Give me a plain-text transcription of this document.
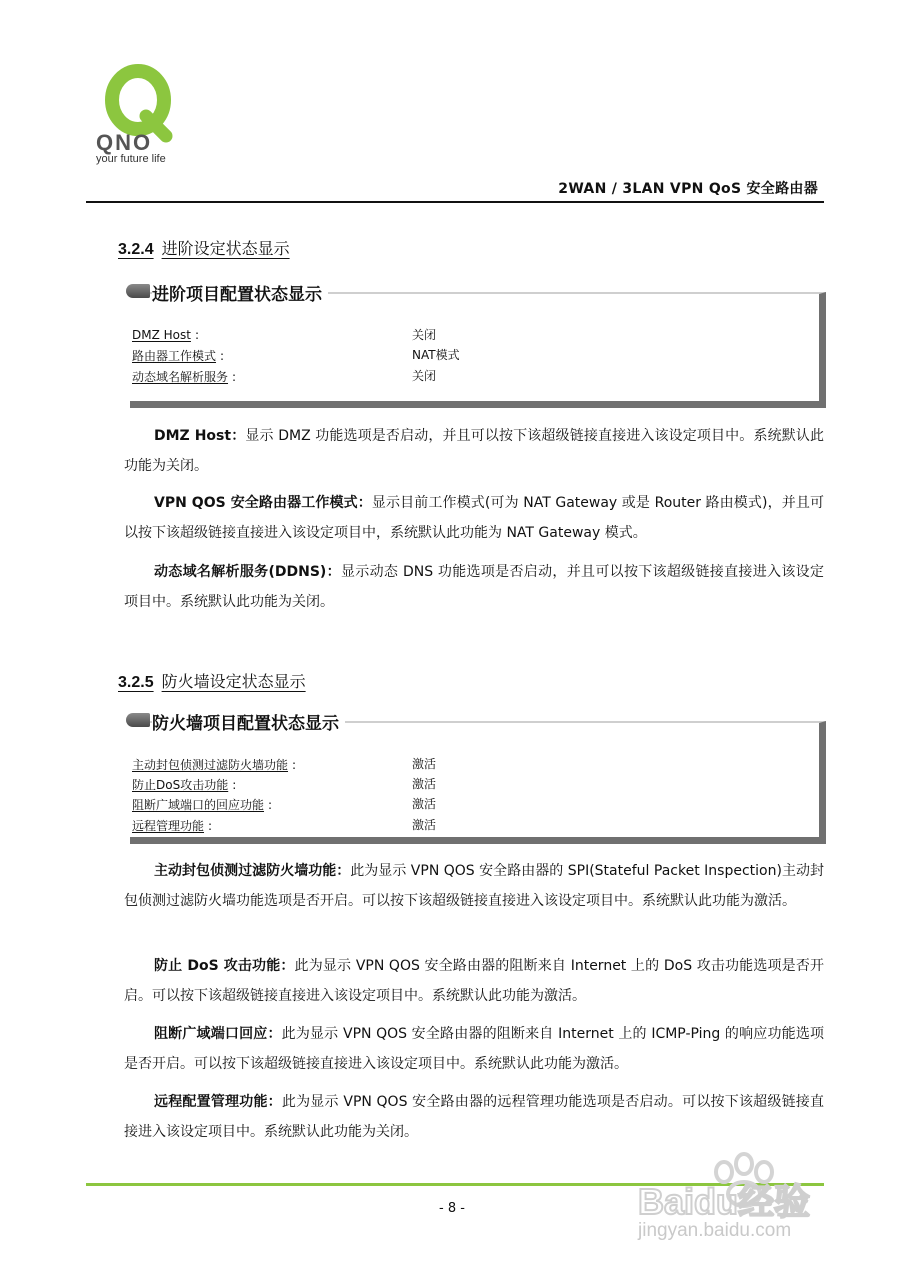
QNO
your future life
2WAN / 3LAN VPN QoS 安全路由器
3.2.4 进阶设定状态显示
进阶项目配置状态显示
DMZ Host :	关闭
路由器工作模式 :	NAT模式
动态域名解析服务 :	关闭
DMZ Host：显示 DMZ 功能选项是否启动，并且可以按下该超级链接直接进入该设定项目中。系统默认此功能为关闭。
VPN QOS 安全路由器工作模式：显示目前工作模式(可为 NAT Gateway 或是 Router 路由模式)，并且可以按下该超级链接直接进入该设定项目中，系统默认此功能为 NAT Gateway 模式。
动态域名解析服务(DDNS)：显示动态 DNS 功能选项是否启动，并且可以按下该超级链接直接进入该设定项目中。系统默认此功能为关闭。
3.2.5 防火墙设定状态显示
防火墙项目配置状态显示
主动封包侦测过滤防火墙功能 :	激活
防止DoS攻击功能 :	激活
阻断广域端口的回应功能 :	激活
远程管理功能 :	激活
主动封包侦测过滤防火墙功能：此为显示 VPN QOS 安全路由器的 SPI(Stateful Packet Inspection)主动封包侦测过滤防火墙功能选项是否开启。可以按下该超级链接直接进入该设定项目中。系统默认此功能为激活。
防止 DoS 攻击功能：此为显示 VPN QOS 安全路由器的阻断来自 Internet 上的 DoS 攻击功能选项是否开启。可以按下该超级链接直接进入该设定项目中。系统默认此功能为激活。
阻断广域端口回应：此为显示 VPN QOS 安全路由器的阻断来自 Internet 上的 ICMP-Ping 的响应功能选项是否开启。可以按下该超级链接直接进入该设定项目中。系统默认此功能为激活。
远程配置管理功能：此为显示 VPN QOS 安全路由器的远程管理功能选项是否启动。可以按下该超级链接直接进入该设定项目中。系统默认此功能为关闭。
- 8 -	Baidu经验
jingyan.baidu.com
